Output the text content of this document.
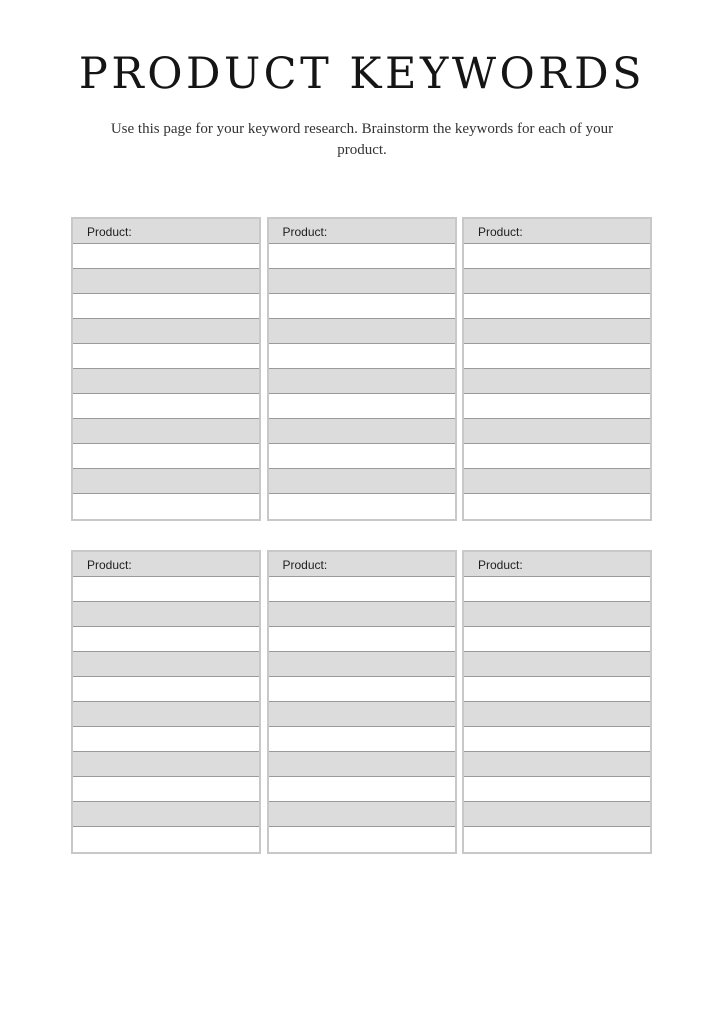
PRODUCT KEYWORDS

Use this page for your keyword research. Brainstorm the keywords for each of your product.

Product:	Product:	Product:
Product:	Product:	Product:
